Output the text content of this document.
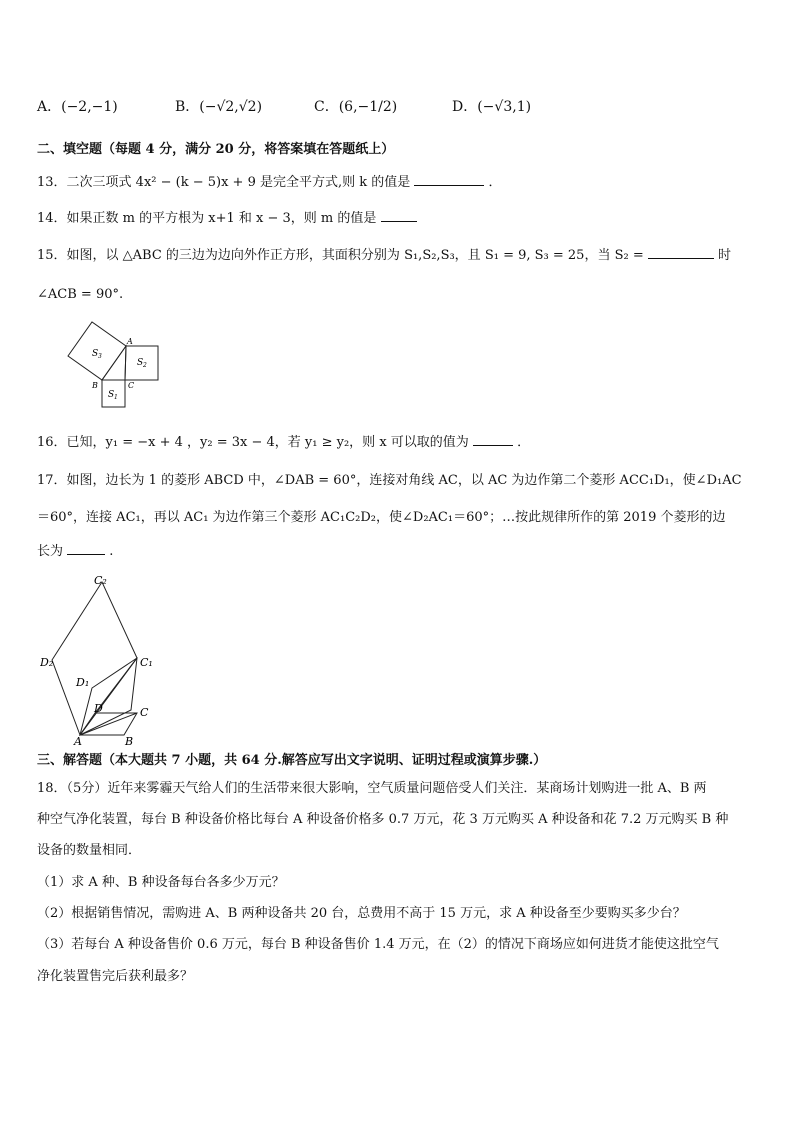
A．(−2,−1)	B．(−√2,√2)	C．(6,−1/2)	D．(−√3,1)
二、填空题（每题 4 分，满分 20 分，将答案填在答题纸上）
13．二次三项式 4x² − (k − 5)x + 9 是完全平方式,则 k 的值是	．
14．如果正数 m 的平方根为 x+1 和 x − 3，则 m 的值是
15．如图，以 △ABC 的三边为边向外作正方形，其面积分别为 S₁,S₂,S₃，且 S₁ = 9, S₃ = 25，当 S₂ =	时
∠ACB = 90°.
A
B	C
S 3
S 2
S 1
16．已知，y₁ = −x + 4 ，y₂ = 3x − 4，若 y₁ ≥ y₂，则 x 可以取的值为	．
17．如图，边长为 1 的菱形 ABCD 中，∠DAB = 60°，连接对角线 AC，以 AC 为边作第二个菱形 ACC₁D₁，使∠D₁AC
＝60°，连接 AC₁，再以 AC₁ 为边作第三个菱形 AC₁C₂D₂，使∠D₂AC₁＝60°；…按此规律所作的第 2019 个菱形的边
长为	.
C₂
D₂	C₁
D₁
D	C
A	B
三、解答题（本大题共 7 小题，共 64 分.解答应写出文字说明、证明过程或演算步骤.）
18．（5分）近年来雾霾天气给人们的生活带来很大影响，空气质量问题倍受人们关注．某商场计划购进一批 A、B 两
种空气净化装置，每台 B 种设备价格比每台 A 种设备价格多 0.7 万元，花 3 万元购买 A 种设备和花 7.2 万元购买 B 种
设备的数量相同．
（1）求 A 种、B 种设备每台各多少万元？
（2）根据销售情况，需购进 A、B 两种设备共 20 台，总费用不高于 15 万元，求 A 种设备至少要购买多少台？
（3）若每台 A 种设备售价 0.6 万元，每台 B 种设备售价 1.4 万元，在（2）的情况下商场应如何进货才能使这批空气
净化装置售完后获利最多？
